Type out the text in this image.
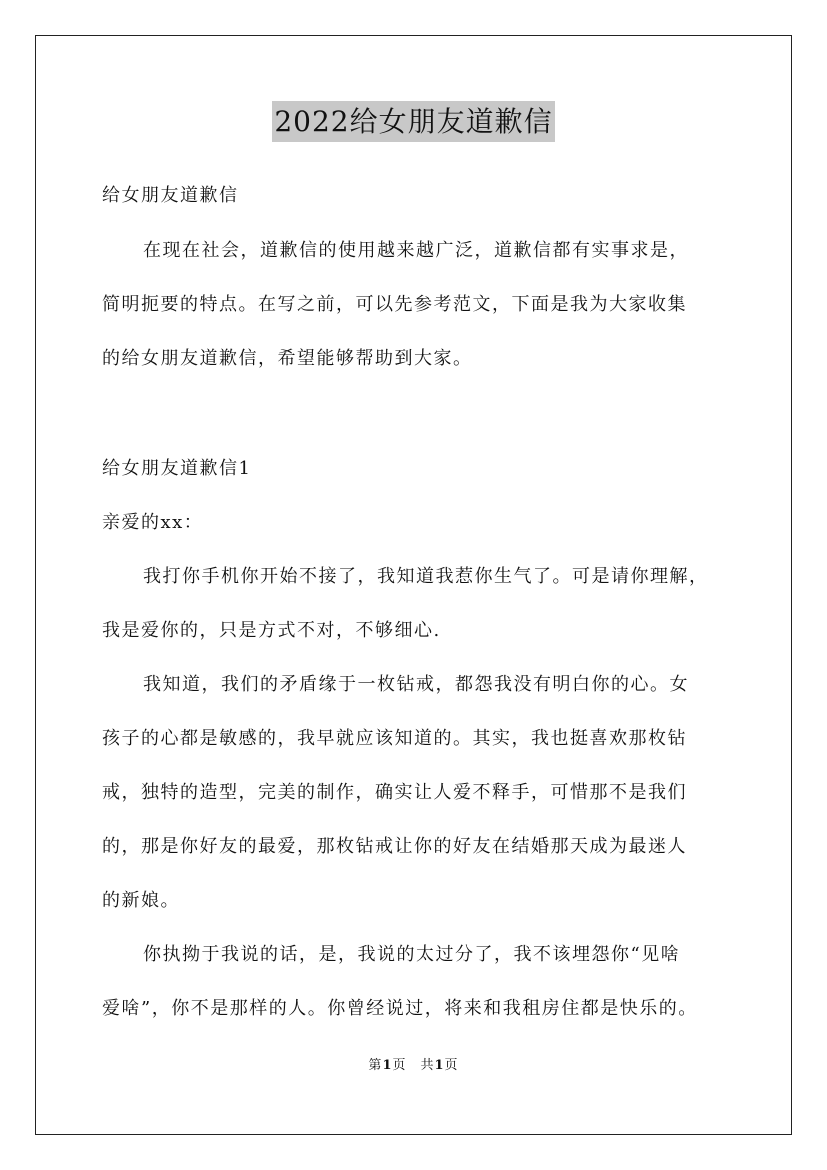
2022给女朋友道歉信
给女朋友道歉信
在现在社会，道歉信的使用越来越广泛，道歉信都有实事求是，
简明扼要的特点。在写之前，可以先参考范文，下面是我为大家收集
的给女朋友道歉信，希望能够帮助到大家。
给女朋友道歉信1
亲爱的xx：
我打你手机你开始不接了，我知道我惹你生气了。可是请你理解，
我是爱你的，只是方式不对，不够细心.
我知道，我们的矛盾缘于一枚钻戒，都怨我没有明白你的心。女
孩子的心都是敏感的，我早就应该知道的。其实，我也挺喜欢那枚钻
戒，独特的造型，完美的制作，确实让人爱不释手，可惜那不是我们
的，那是你好友的最爱，那枚钻戒让你的好友在结婚那天成为最迷人
的新娘。
你执拗于我说的话，是，我说的太过分了，我不该埋怨你“见啥
爱啥”，你不是那样的人。你曾经说过，将来和我租房住都是快乐的。
第1页　共1页
